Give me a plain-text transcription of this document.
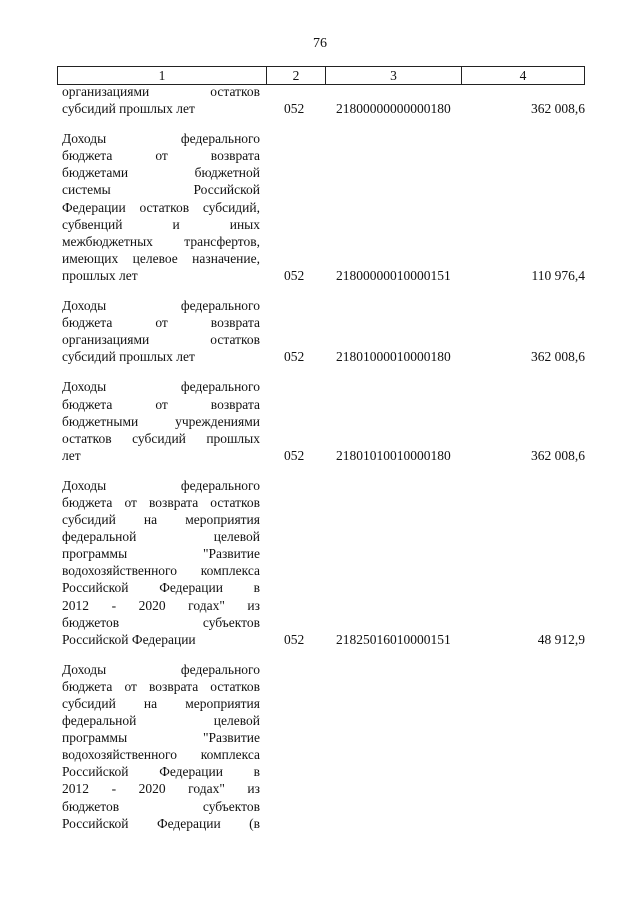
76
1	2	3	4
организациями остатков
субсидий прошлых лет	052 21800000000000180	362 008,6
Доходы федерального
бюджета от возврата
бюджетами бюджетной
системы Российской
Федерации остатков субсидий,
субвенций и иных
межбюджетных трансфертов,
имеющих целевое назначение,
прошлых лет	052 21800000010000151	110 976,4
Доходы федерального
бюджета от возврата
организациями остатков
субсидий прошлых лет	052 21801000010000180	362 008,6
Доходы федерального
бюджета от возврата
бюджетными учреждениями
остатков субсидий прошлых
лет	052 21801010010000180	362 008,6
Доходы федерального
бюджета от возврата остатков
субсидий на мероприятия
федеральной целевой
программы "Развитие
водохозяйственного комплекса
Российской Федерации в
2012 - 2020 годах" из
бюджетов субъектов
Российской Федерации	052 21825016010000151	48 912,9
Доходы федерального
бюджета от возврата остатков
субсидий на мероприятия
федеральной целевой
программы "Развитие
водохозяйственного комплекса
Российской Федерации в
2012 - 2020 годах" из
бюджетов субъектов
Российской Федерации (в
